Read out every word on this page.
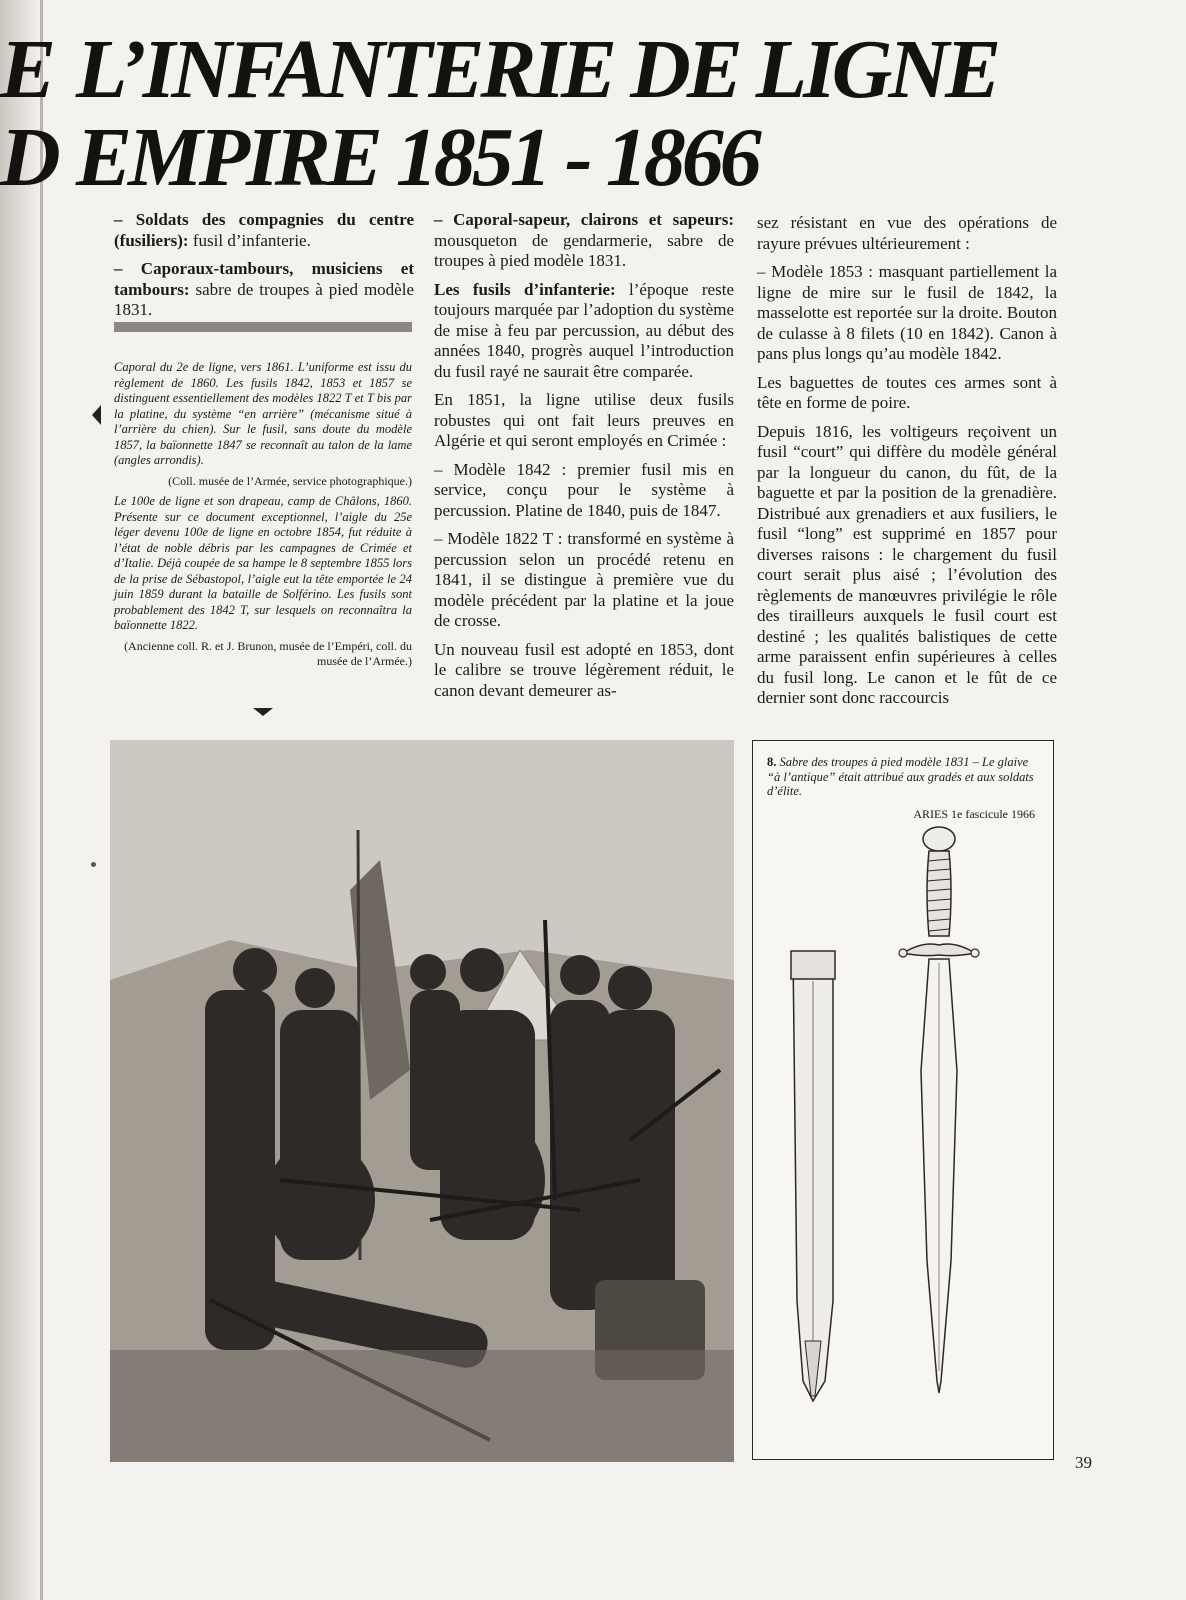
E L’INFANTERIE DE LIGNE
D EMPIRE 1851 - 1866

– Soldats des compagnies du centre (fusiliers): fusil d’infanterie.

– Caporaux-tambours, musiciens et tambours: sabre de troupes à pied modèle 1831.

Caporal du 2e de ligne, vers 1861. L’uniforme est issu du règlement de 1860. Les fusils 1842, 1853 et 1857 se distinguent essentiellement des modèles 1822 T et T bis par la platine, du système “en arrière” (mécanisme situé à l’arrière du chien). Sur le fusil, sans doute du modèle 1857, la baïonnette 1847 se reconnaît au talon de la lame (angles arrondis).

(Coll. musée de l’Armée, service photographique.)

Le 100e de ligne et son drapeau, camp de Châlons, 1860. Présente sur ce document exceptionnel, l’aigle du 25e léger devenu 100e de ligne en octobre 1854, fut réduite à l’état de noble débris par les campagnes de Crimée et d’Italie. Déjà coupée de sa hampe le 8 septembre 1855 lors de la prise de Sébastopol, l’aigle eut la tête emportée le 24 juin 1859 durant la bataille de Solférino. Les fusils sont probablement des 1842 T, sur lesquels on reconnaîtra la baïonnette 1822.

(Ancienne coll. R. et J. Brunon, musée de l’Empéri, coll. du musée de l’Armée.)

– Caporal-sapeur, clairons et sapeurs: mousqueton de gendarmerie, sabre de troupes à pied modèle 1831.

Les fusils d’infanterie: l’époque reste toujours marquée par l’adoption du système de mise à feu par percussion, au début des années 1840, progrès auquel l’introduction du fusil rayé ne saurait être comparée.

En 1851, la ligne utilise deux fusils robustes qui ont fait leurs preuves en Algérie et qui seront employés en Crimée :

– Modèle 1842 : premier fusil mis en service, conçu pour le système à percussion. Platine de 1840, puis de 1847.

– Modèle 1822 T : transformé en système à percussion selon un procédé retenu en 1841, il se distingue à première vue du modèle précédent par la platine et la joue de crosse.

Un nouveau fusil est adopté en 1853, dont le calibre se trouve légèrement réduit, le canon devant demeurer as-

sez résistant en vue des opérations de rayure prévues ultérieurement :

– Modèle 1853 : masquant partiellement la ligne de mire sur le fusil de 1842, la masselotte est reportée sur la droite. Bouton de culasse à 8 filets (10 en 1842). Canon à pans plus longs qu’au modèle 1842.

Les baguettes de toutes ces armes sont à tête en forme de poire.

Depuis 1816, les voltigeurs reçoivent un fusil “court” qui diffère du modèle général par la longueur du canon, du fût, de la baguette et par la position de la grenadière. Distribué aux grenadiers et aux fusiliers, le fusil “long” est supprimé en 1857 pour diverses raisons : le chargement du fusil court serait plus aisé ; l’évolution des règlements de manœuvres privilégie le rôle des tirailleurs auxquels le fusil court est destiné ; les qualités balistiques de cette arme paraissent enfin supérieures à celles du fusil long. Le canon et le fût de ce dernier sont donc raccourcis

8. Sabre des troupes à pied modèle 1831 – Le glaive “à l’antique” était attribué aux gradés et aux soldats d’élite.
ARIES 1e fascicule 1966
39
